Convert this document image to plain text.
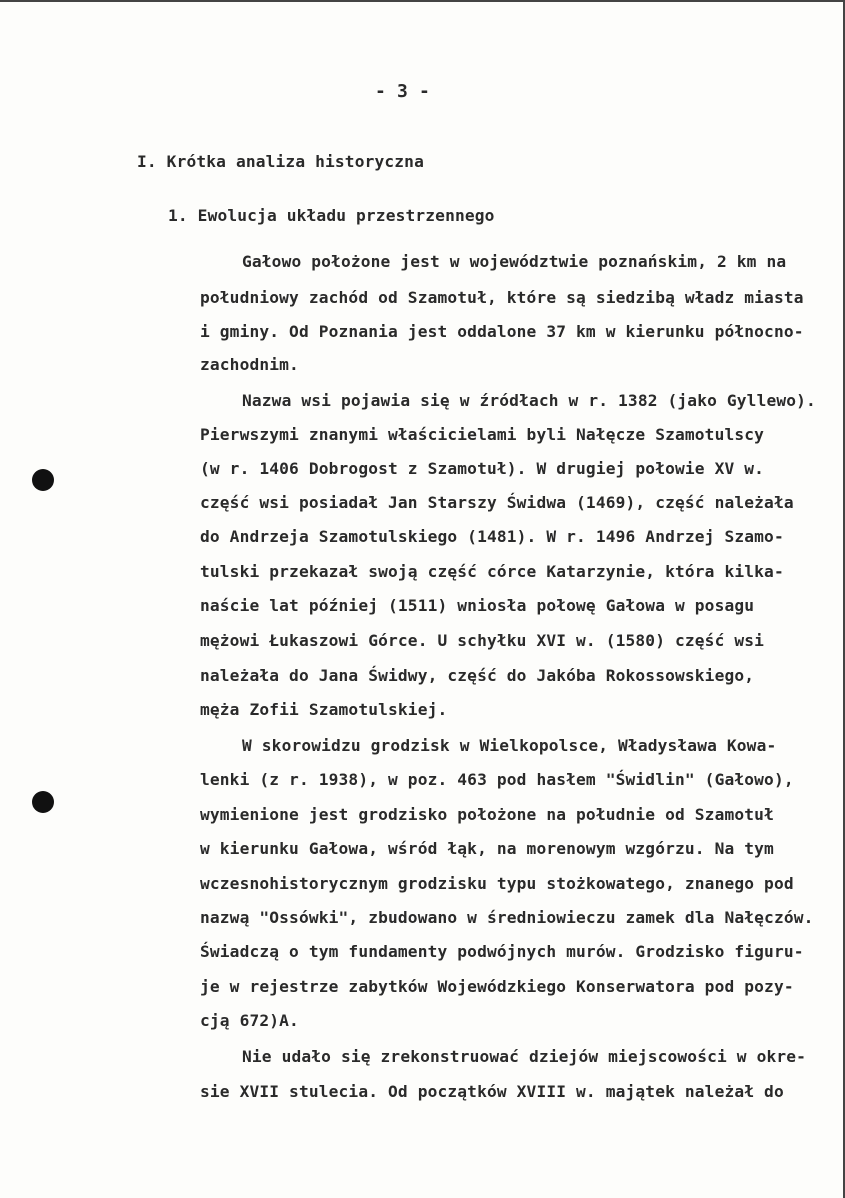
- 3 -
I. Krótka analiza historyczna
1. Ewolucja układu przestrzennego
Gałowo położone jest w województwie poznańskim, 2 km na
południowy zachód od Szamotuł, które są siedzibą władz miasta
i gminy. Od Poznania jest oddalone 37 km w kierunku północno-
zachodnim.
Nazwa wsi pojawia się w źródłach w r. 1382 (jako Gyllewo).
Pierwszymi znanymi właścicielami byli Nałęcze Szamotulscy
(w r. 1406 Dobrogost z Szamotuł). W drugiej połowie XV w.
część wsi posiadał Jan Starszy Świdwa (1469), część należała
do Andrzeja Szamotulskiego (1481). W r. 1496 Andrzej Szamo-
tulski przekazał swoją część córce Katarzynie, która kilka-
naście lat później (1511) wniosła połowę Gałowa w posagu
mężowi Łukaszowi Górce. U schyłku XVI w. (1580) część wsi
należała do Jana Świdwy, część do Jakóba Rokossowskiego,
męża Zofii Szamotulskiej.
W skorowidzu grodzisk w Wielkopolsce, Władysława Kowa-
lenki (z r. 1938), w poz. 463 pod hasłem "Świdlin" (Gałowo),
wymienione jest grodzisko położone na południe od Szamotuł
w kierunku Gałowa, wśród łąk, na morenowym wzgórzu. Na tym
wczesnohistorycznym grodzisku typu stożkowatego, znanego pod
nazwą "Ossówki", zbudowano w średniowieczu zamek dla Nałęczów.
Świadczą o tym fundamenty podwójnych murów. Grodzisko figuru-
je w rejestrze zabytków Wojewódzkiego Konserwatora pod pozy-
cją 672)A.
Nie udało się zrekonstruować dziejów miejscowości w okre-
sie XVII stulecia. Od początków XVIII w. majątek należał do
